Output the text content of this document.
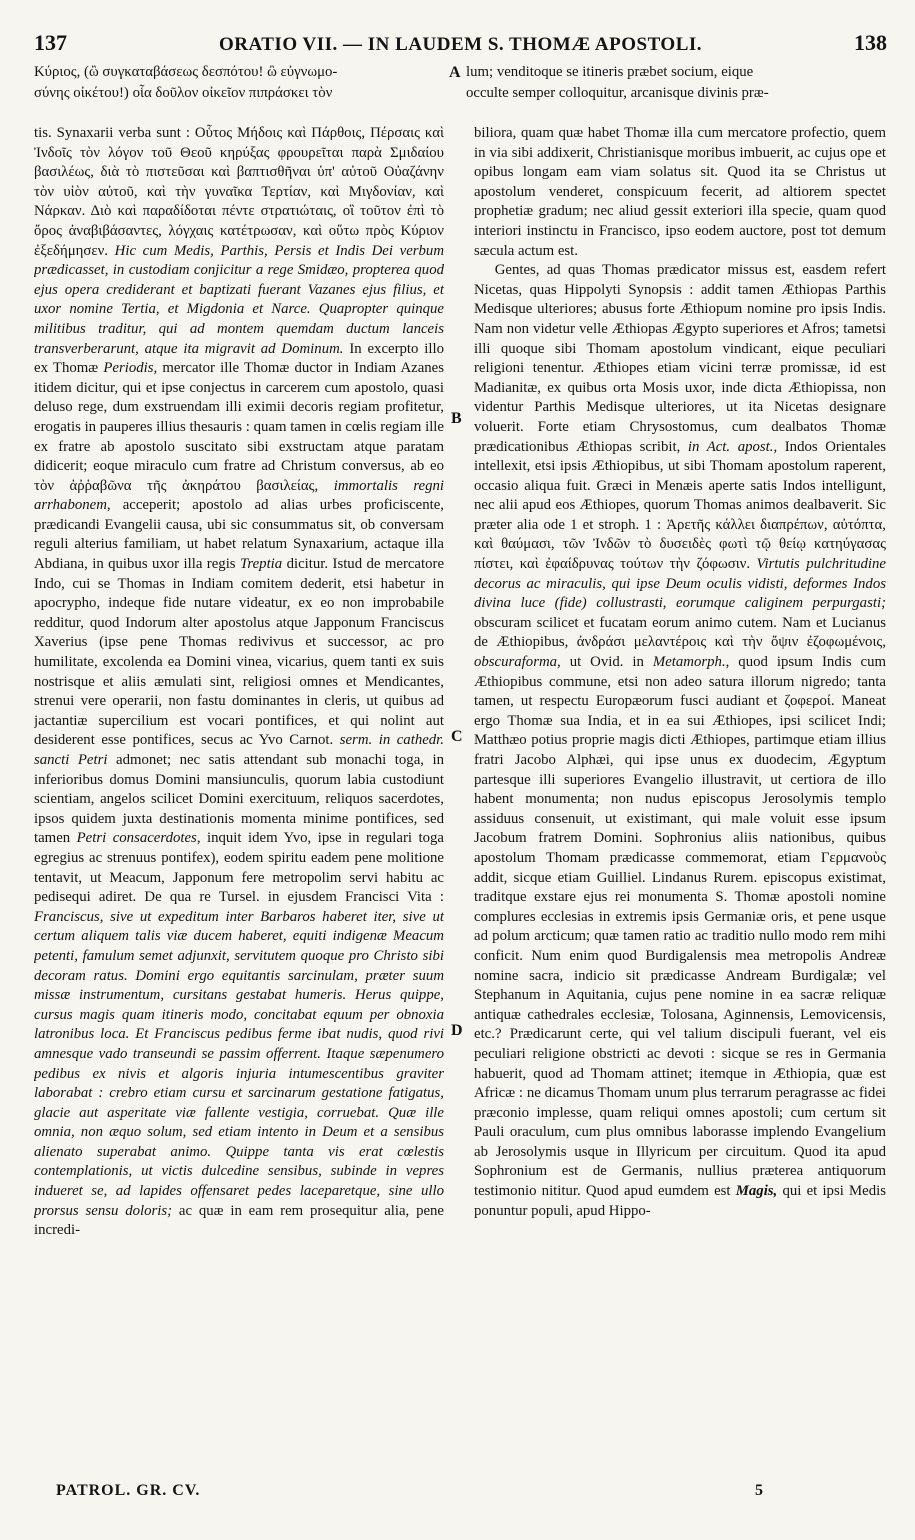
137	ORATIO VII. — IN LAUDEM S. THOMÆ APOSTOLI.	138
Κύριος, (ὢ συγκαταβάσεως δεσπότου! ὢ εὐγνωμο-
σύνης οἰκέτου!) οἷα δοῦλον οἰκεῖον πιπράσκει τὸν
lum; venditoque se itineris præbet socium, eique
occulte semper colloquitur, arcanisque divinis præ-
A
B
C
D

tis. Synaxarii verba sunt : Οὗτος Μήδοις καὶ Πάρθοις, Πέρσαις καὶ Ἰνδοῖς τὸν λόγον τοῦ Θεοῦ κηρύξας φρουρεῖται παρὰ Σμιδαίου βασιλέως, διὰ τὸ πιστεῦσαι καὶ βαπτισθῆναι ὑπ' αὐτοῦ Οὐαζάνην τὸν υἱὸν αὐτοῦ, καὶ τὴν γυναῖκα Τερτίαν, καὶ Μιγδονίαν, καὶ Νάρκαν. Διὸ καὶ παραδίδοται πέντε στρατιώταις, οἳ τοῦτον ἐπὶ τὸ ὄρος ἀναβιβάσαντες, λόγχαις κατέτρωσαν, καὶ οὕτω πρὸς Κύριον ἐξεδήμησεν. Hic cum Medis, Parthis, Persis et Indis Dei verbum prædicasset, in custodiam conjicitur a rege Smidæo, propterea quod ejus opera crediderant et baptizati fuerant Vazanes ejus filius, et uxor nomine Tertia, et Migdonia et Narce. Quapropter quinque militibus traditur, qui ad montem quemdam ductum lanceis transverberarunt, atque ita migravit ad Dominum. In excerpto illo ex Thomæ Periodis, mercator ille Thomæ ductor in Indiam Azanes itidem dicitur, qui et ipse conjectus in carcerem cum apostolo, quasi deluso rege, dum exstruendam illi eximii decoris regiam profitetur, erogatis in pauperes illius thesauris : quam tamen in cœlis regiam ille ex fratre ab apostolo suscitato sibi exstructam atque paratam didicerit; eoque miraculo cum fratre ad Christum conversus, ab eo τὸν ἀῤῥαβῶνα τῆς ἀκηράτου βασιλείας, immortalis regni arrhabonem, acceperit; apostolo ad alias urbes proficiscente, prædicandi Evangelii causa, ubi sic consummatus sit, ob conversam reguli alterius familiam, ut habet relatum Synaxarium, actaque illa Abdiana, in quibus uxor illa regis Treptia dicitur. Istud de mercatore Indo, cui se Thomas in Indiam comitem dederit, etsi habetur in apocrypho, indeque fide nutare videatur, ex eo non improbabile redditur, quod Indorum alter apostolus atque Japponum Franciscus Xaverius (ipse pene Thomas redivivus et successor, ac pro humilitate, excolenda ea Domini vinea, vicarius, quem tanti ex suis nostrisque et aliis æmulati sint, religiosi omnes et Mendicantes, strenui vere operarii, non fastu dominantes in cleris, ut quibus ad jactantiæ supercilium est vocari pontifices, et qui nolint aut desiderent esse pontifices, secus ac Yvo Carnot. serm. in cathedr. sancti Petri admonet; nec satis attendant sub monachi toga, in inferioribus domus Domini mansiunculis, quorum labia custodiunt scientiam, angelos scilicet Domini exercituum, reliquos sacerdotes, ipsos quidem juxta destinationis momenta minime pontifices, sed tamen Petri consacerdotes, inquit idem Yvo, ipse in regulari toga egregius ac strenuus pontifex), eodem spiritu eadem pene molitione tentavit, ut Meacum, Japponum fere metropolim servi habitu ac pedisequi adiret. De qua re Tursel. in ejusdem Francisci Vita : Franciscus, sive ut expeditum inter Barbaros haberet iter, sive ut certum aliquem talis viæ ducem haberet, equiti indigenæ Meacum petenti, famulum semet adjunxit, servitutem quoque pro Christo sibi decoram ratus. Domini ergo equitantis sarcinulam, præter suum missæ instrumentum, cursitans gestabat humeris. Herus quippe, cursus magis quam itineris modo, concitabat equum per obnoxia latronibus loca. Et Franciscus pedibus ferme ibat nudis, quod rivi amnesque vado transeundi se passim offerrent. Itaque sæpenumero pedibus ex nivis et algoris injuria intumescentibus graviter laborabat : crebro etiam cursu et sarcinarum gestatione fatigatus, glacie aut asperitate viæ fallente vestigia, corruebat. Quæ ille omnia, non æquo solum, sed etiam intento in Deum et a sensibus alienato superabat animo. Quippe tanta vis erat cœlestis contemplationis, ut victis dulcedine sensibus, subinde in vepres indueret se, ad lapides offensaret pedes lacераretque, sine ullo prorsus sensu doloris; ac quæ in eam rem prosequitur alia, pene incredi-

biliora, quam quæ habet Thomæ illa cum mercatore profectio, quem in via sibi addixerit, Christianisque moribus imbuerit, ac cujus ope et opibus longam eam viam solatus sit. Quod ita se Christus ut apostolum venderet, conspicuum fecerit, ad altiorem spectet prophetiæ gradum; nec aliud gessit exteriori illa specie, quam quod interiori instinctu in Francisco, ipso eodem auctore, post tot demum sæcula actum est.

Gentes, ad quas Thomas prædicator missus est, easdem refert Nicetas, quas Hippolyti Synopsis : addit tamen Æthiopas Parthis Medisque ulteriores; abusus forte Æthiopum nomine pro ipsis Indis. Nam non videtur velle Æthiopas Ægypto superiores et Afros; tametsi illi quoque sibi Thomam apostolum vindicant, eique peculiari religioni tenentur. Æthiopes etiam vicini terræ promissæ, id est Madianitæ, ex quibus orta Mosis uxor, inde dicta Æthiopissa, non videntur Parthis Medisque ulteriores, ut ita Nicetas designare voluerit. Forte etiam Chrysostomus, cum dealbatos Thomæ prædicationibus Æthiopas scribit, in Act. apost., Indos Orientales intellexit, etsi ipsis Æthiopibus, ut sibi Thomam apostolum raperent, occasio aliqua fuit. Græci in Menæis aperte satis Indos intelligunt, nec alii apud eos Æthiopes, quorum Thomas animos dealbaverit. Sic præter alia ode 1 et stroph. 1 : Ἀρετῆς κάλλει διαπρέπων, αὐτόπτα, καὶ θαύμασι, τῶν Ἰνδῶν τὸ δυσειδὲς φωτὶ τῷ θείῳ κατηύγασας πίστει, καὶ ἐφαίδρυνας τούτων τὴν ζόφωσιν. Virtutis pulchritudine decorus ac miraculis, qui ipse Deum oculis vidisti, deformes Indos divina luce (fide) collustrasti, eorumque caliginem perpurgasti; obscuram scilicet et fucatam eorum animo cutem. Nam et Lucianus de Æthiopibus, ἀνδράσι μελαντέροις καὶ τὴν ὄψιν ἐζοφωμένοις, obscuraforma, ut Ovid. in Metamorph., quod ipsum Indis cum Æthiopibus commune, etsi non adeo satura illorum nigredo; tanta tamen, ut respectu Europæorum fusci audiant et ζοφεροί. Maneat ergo Thomæ sua India, et in ea sui Æthiopes, ipsi scilicet Indi; Matthæo potius proprie magis dicti Æthiopes, partimque etiam illius fratri Jacobo Alphæi, qui ipse unus ex duodecim, Ægyptum partesque illi superiores Evangelio illustravit, ut certiora de illo habent monumenta; non nudus episcopus Jerosolymis templo assiduus consenuit, ut existimant, qui male voluit esse ipsum Jacobum fratrem Domini. Sophronius aliis nationibus, quibus apostolum Thomam prædicasse commemorat, etiam Γερμανοὺς addit, sicque etiam Guilliel. Lindanus Rurem. episcopus existimat, traditque exstare ejus rei monumenta S. Thomæ apostoli nomine complures ecclesias in extremis ipsis Germaniæ oris, et pene usque ad polum arcticum; quæ tamen ratio ac traditio nullo modo rem mihi conficit. Num enim quod Burdigalensis mea metropolis Andreæ nomine sacra, indicio sit prædicasse Andream Burdigalæ; vel Stephanum in Aquitania, cujus pene nomine in ea sacræ reliquæ antiquæ cathedrales ecclesiæ, Tolosana, Aginnensis, Lemovicensis, etc.? Prædicarunt certe, qui vel talium discipuli fuerant, vel eis peculiari religione obstricti ac devoti : sicque se res in Germania habuerit, quod ad Thomam attinet; itemque in Æthiopia, quæ est Africæ : ne dicamus Thomam unum plus terrarum peragrasse ac fidei præconio implesse, quam reliqui omnes apostoli; cum certum sit Pauli oraculum, cum plus omnibus laborasse implendo Evangelium ab Jerosolymis usque in Illyricum per circuitum. Quod ita apud Sophronium est de Germanis, nullius præterea antiquorum testimonio nititur. Quod apud eumdem est Magis, qui et ipsi Medis ponuntur populi, apud Hippo-

PATROL. GR. CV.	5
